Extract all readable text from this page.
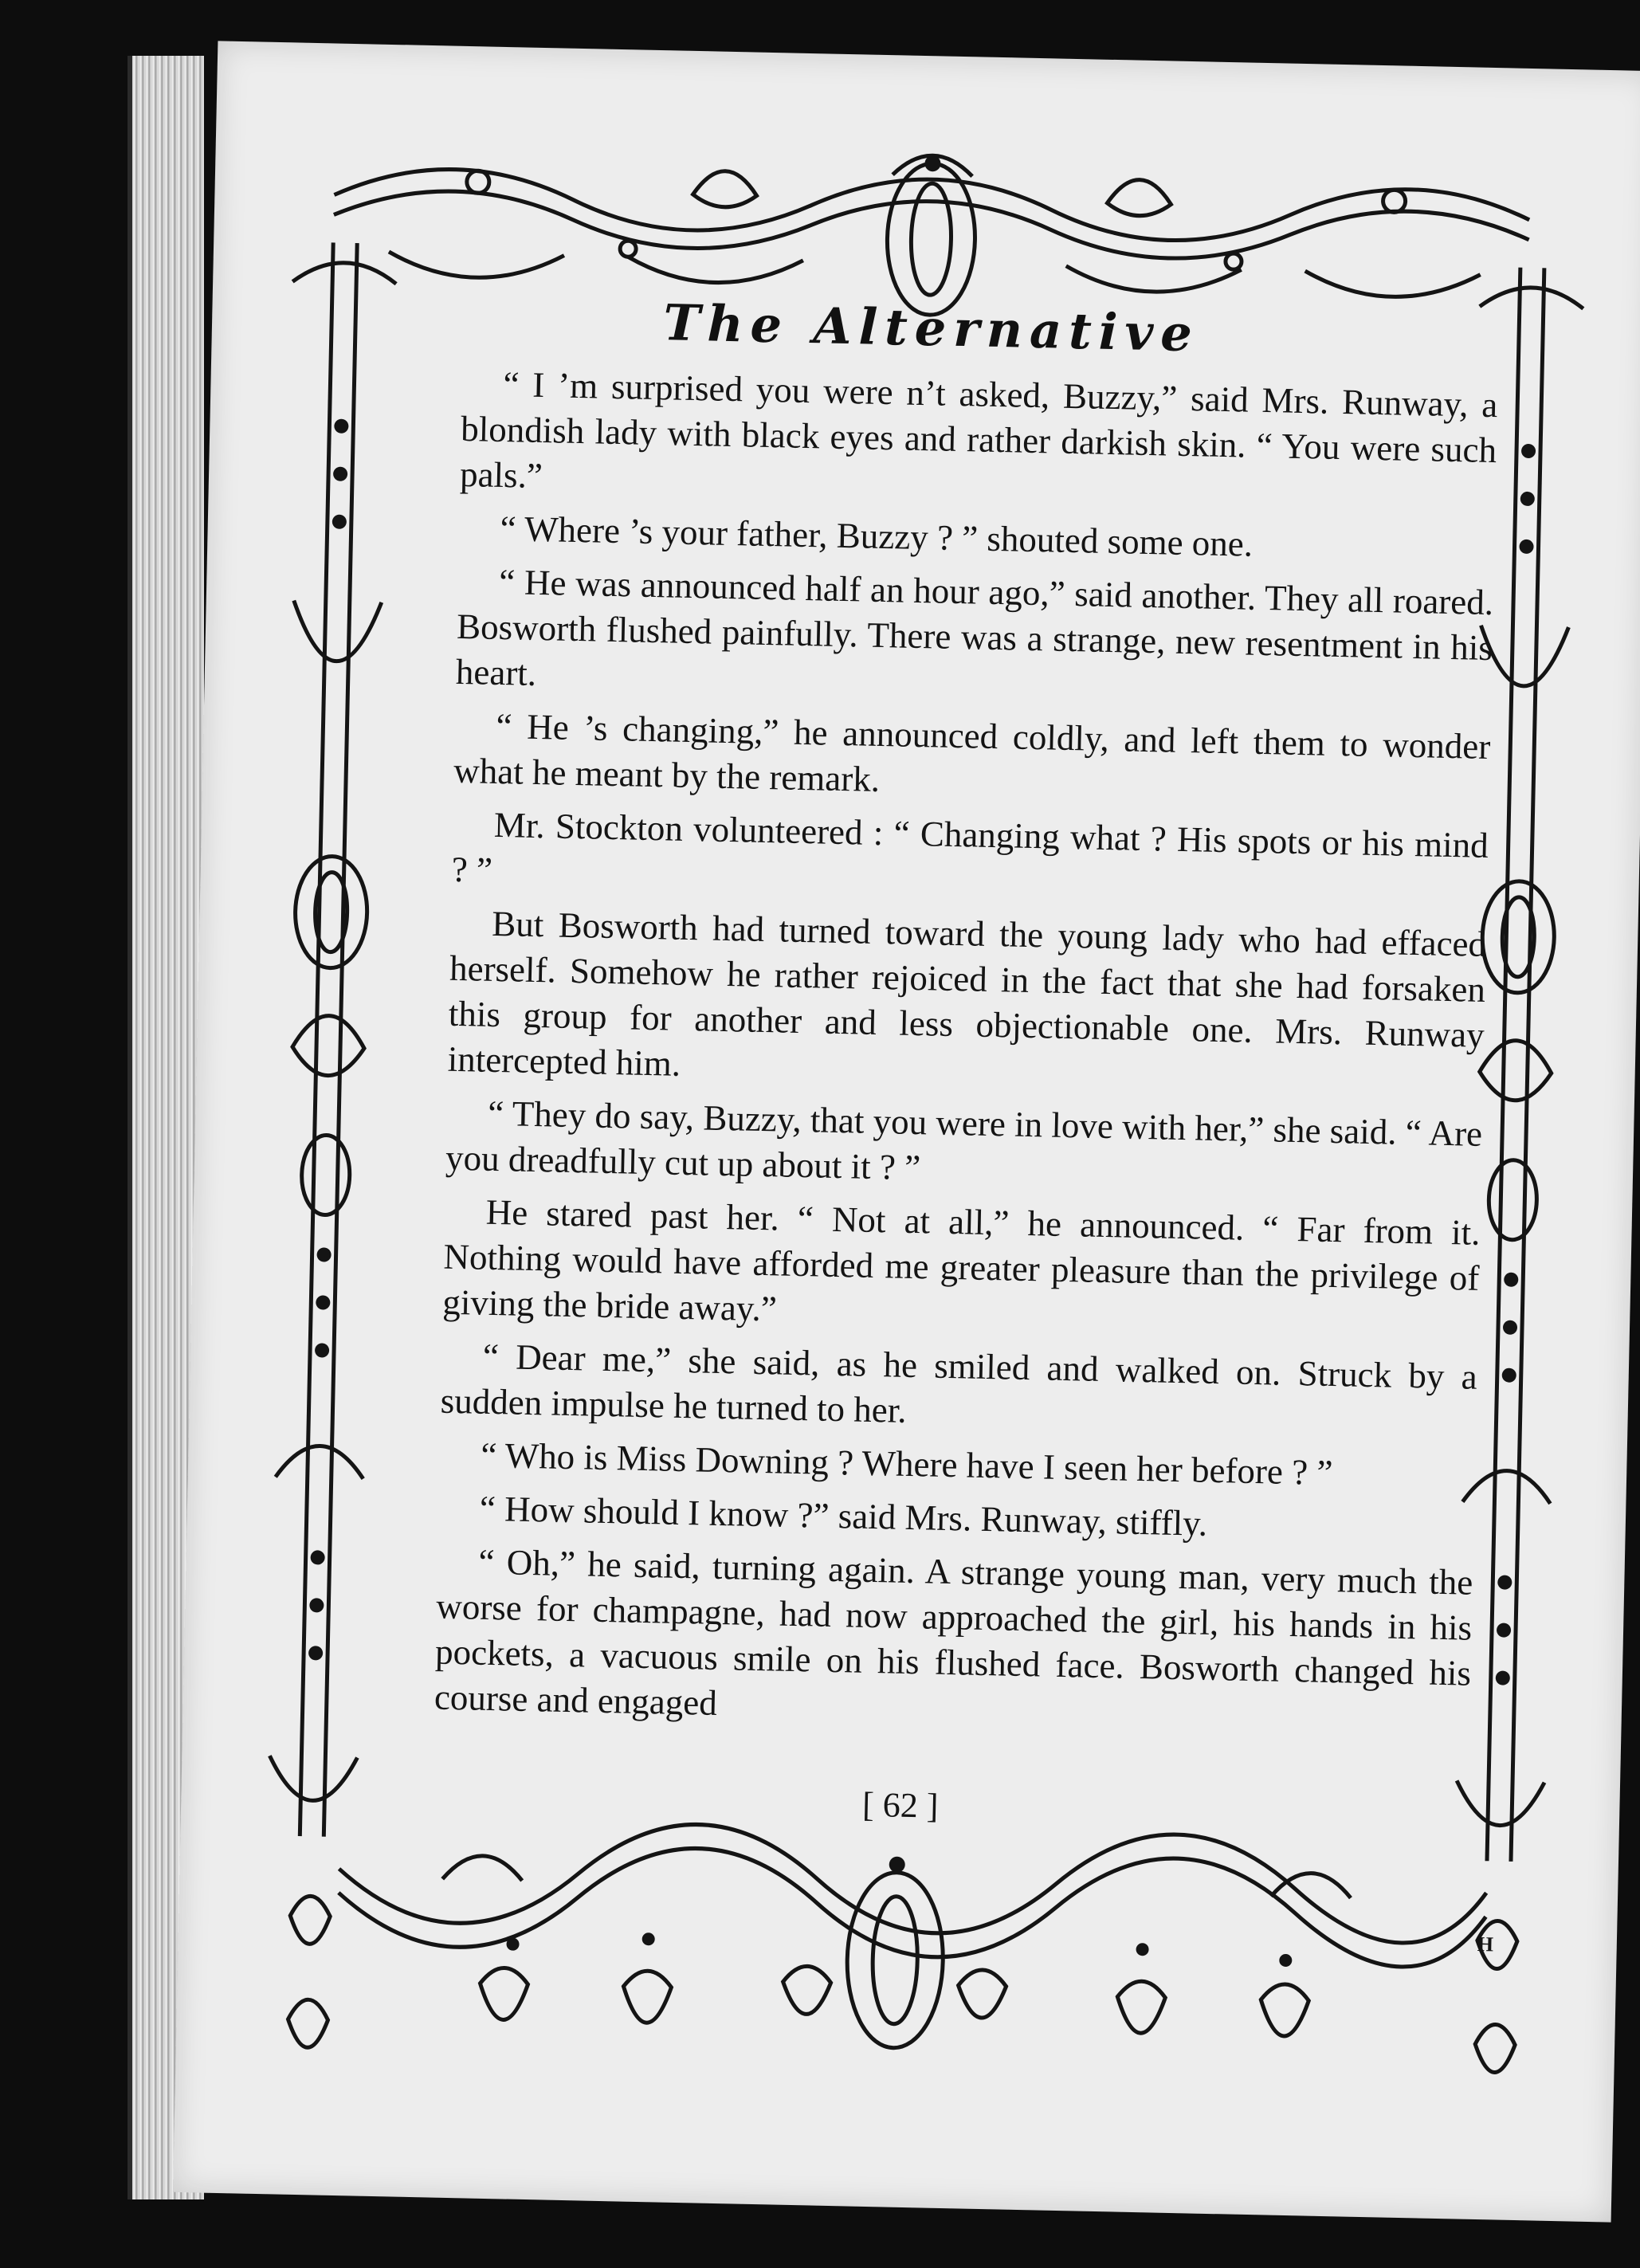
The Alternative

“ I ’m surprised you were n’t asked, Buzzy,” said Mrs. Runway, a blondish lady with black eyes and rather darkish skin. “ You were such pals.”

“ Where ’s your father, Buzzy ? ” shouted some one.

“ He was announced half an hour ago,” said another. They all roared. Bosworth flushed painfully. There was a strange, new resentment in his heart.

“ He ’s changing,” he announced coldly, and left them to wonder what he meant by the remark.

Mr. Stockton volunteered : “ Changing what ? His spots or his mind ? ”

But Bosworth had turned toward the young lady who had effaced herself. Somehow he rather rejoiced in the fact that she had forsaken this group for another and less objectionable one. Mrs. Runway intercepted him.

“ They do say, Buzzy, that you were in love with her,” she said. “ Are you dreadfully cut up about it ? ”

He stared past her. “ Not at all,” he announced. “ Far from it. Nothing would have afforded me greater pleasure than the privilege of giving the bride away.”

“ Dear me,” she said, as he smiled and walked on. Struck by a sudden impulse he turned to her.

“ Who is Miss Downing ? Where have I seen her before ? ”

“ How should I know ?” said Mrs. Runway, stiffly.

“ Oh,” he said, turning again. A strange young man, very much the worse for champagne, had now approached the girl, his hands in his pockets, a vacuous smile on his flushed face. Bosworth changed his course and engaged

[ 62 ]
H
